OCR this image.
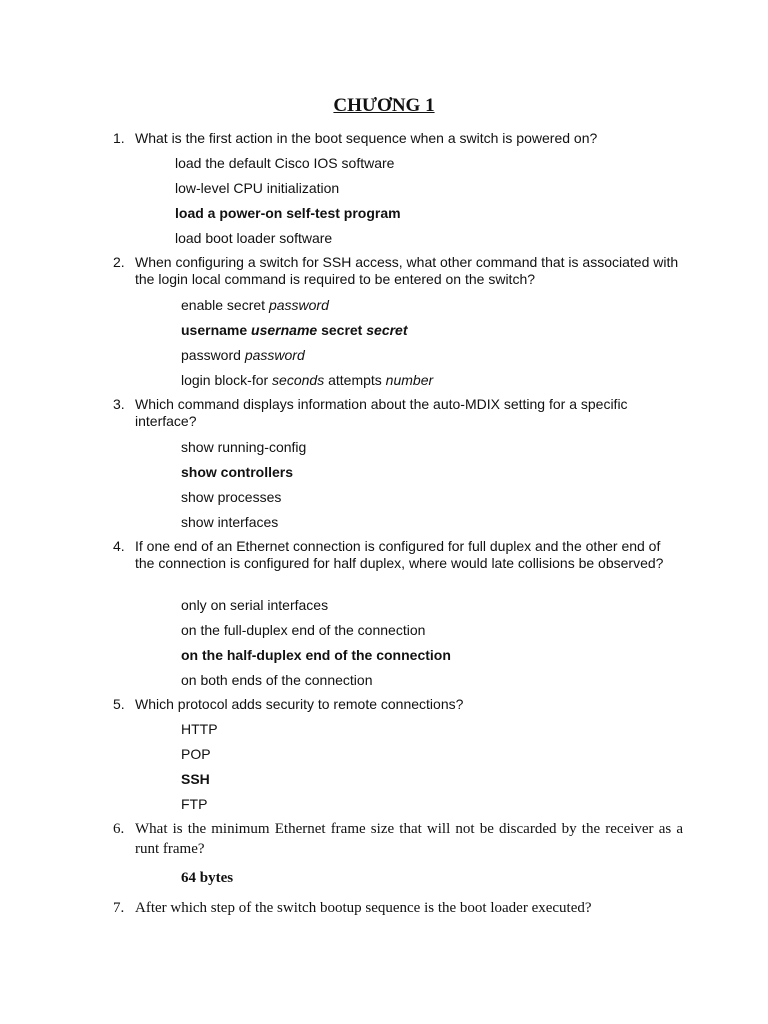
CHƯƠNG 1
1. What is the first action in the boot sequence when a switch is powered on?
load the default Cisco IOS software
low-level CPU initialization
load a power-on self-test program
load boot loader software
2. When configuring a switch for SSH access, what other command that is associated with the login local command is required to be entered on the switch?
enable secret password
username username secret secret
password password
login block-for seconds attempts number
3. Which command displays information about the auto-MDIX setting for a specific interface?
show running-config
show controllers
show processes
show interfaces
4. If one end of an Ethernet connection is configured for full duplex and the other end of the connection is configured for half duplex, where would late collisions be observed?
only on serial interfaces
on the full-duplex end of the connection
on the half-duplex end of the connection
on both ends of the connection
5. Which protocol adds security to remote connections?
HTTP
POP
SSH
FTP
6. What is the minimum Ethernet frame size that will not be discarded by the receiver as a runt frame?
64 bytes
7. After which step of the switch bootup sequence is the boot loader executed?
